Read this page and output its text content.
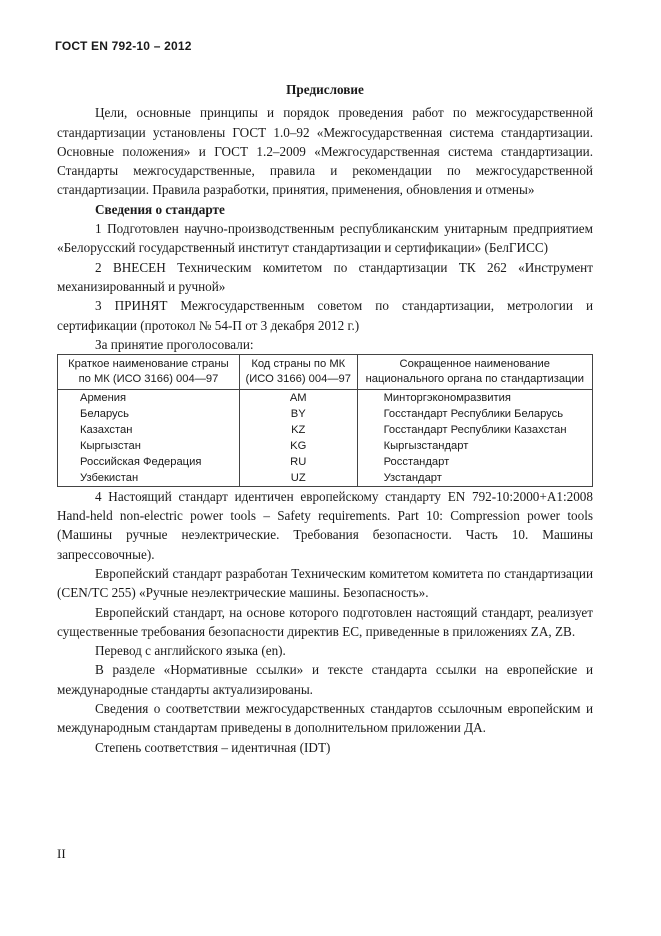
ГОСТ EN 792-10 – 2012

Предисловие

Цели, основные принципы и порядок проведения работ по межгосударственной стандартизации установлены ГОСТ 1.0–92 «Межгосударственная система стандартизации. Основные положения» и ГОСТ 1.2–2009 «Межгосударственная система стандартизации. Стандарты межгосударственные, правила и рекомендации по межгосударственной стандартизации. Правила разработки, принятия, применения, обновления и отмены»

Сведения о стандарте

1 Подготовлен научно-производственным республиканским унитарным предприятием «Белорусский государственный институт стандартизации и сертификации» (БелГИСС)

2 ВНЕСЕН Техническим комитетом по стандартизации ТК 262 «Инструмент механизированный и ручной»

3 ПРИНЯТ Межгосударственным советом по стандартизации, метрологии и сертификации (протокол № 54-П от 3 декабря 2012 г.)

За принятие проголосовали:

Краткое наименование страны по МК (ИСО 3166) 004—97	Код страны по МК (ИСО 3166) 004—97	Сокращенное наименование национального органа по стандартизации
Армения	AM	Минторгэкономразвития
Беларусь	BY	Госстандарт Республики Беларусь
Казахстан	KZ	Госстандарт Республики Казахстан
Кыргызстан	KG	Кыргызстандарт
Российская Федерация	RU	Росстандарт
Узбекистан	UZ	Узстандарт

4 Настоящий стандарт идентичен европейскому стандарту EN 792-10:2000+A1:2008 Hand-held non-electric power tools – Safety requirements. Part 10: Compression power tools (Машины ручные неэлектрические. Требования безопасности. Часть 10. Машины запрессовочные).

Европейский стандарт разработан Техническим комитетом комитета по стандартизации (CEN/TC 255) «Ручные неэлектрические машины. Безопасность».

Европейский стандарт, на основе которого подготовлен настоящий стандарт, реализует существенные требования безопасности директив ЕС, приведенные в приложениях ZA, ZB.

Перевод с английского языка (en).

В разделе «Нормативные ссылки» и тексте стандарта ссылки на европейские и международные стандарты актуализированы.

Сведения о соответствии межгосударственных стандартов ссылочным европейским и международным стандартам приведены в дополнительном приложении ДА.

Степень соответствия – идентичная (IDT)

II
